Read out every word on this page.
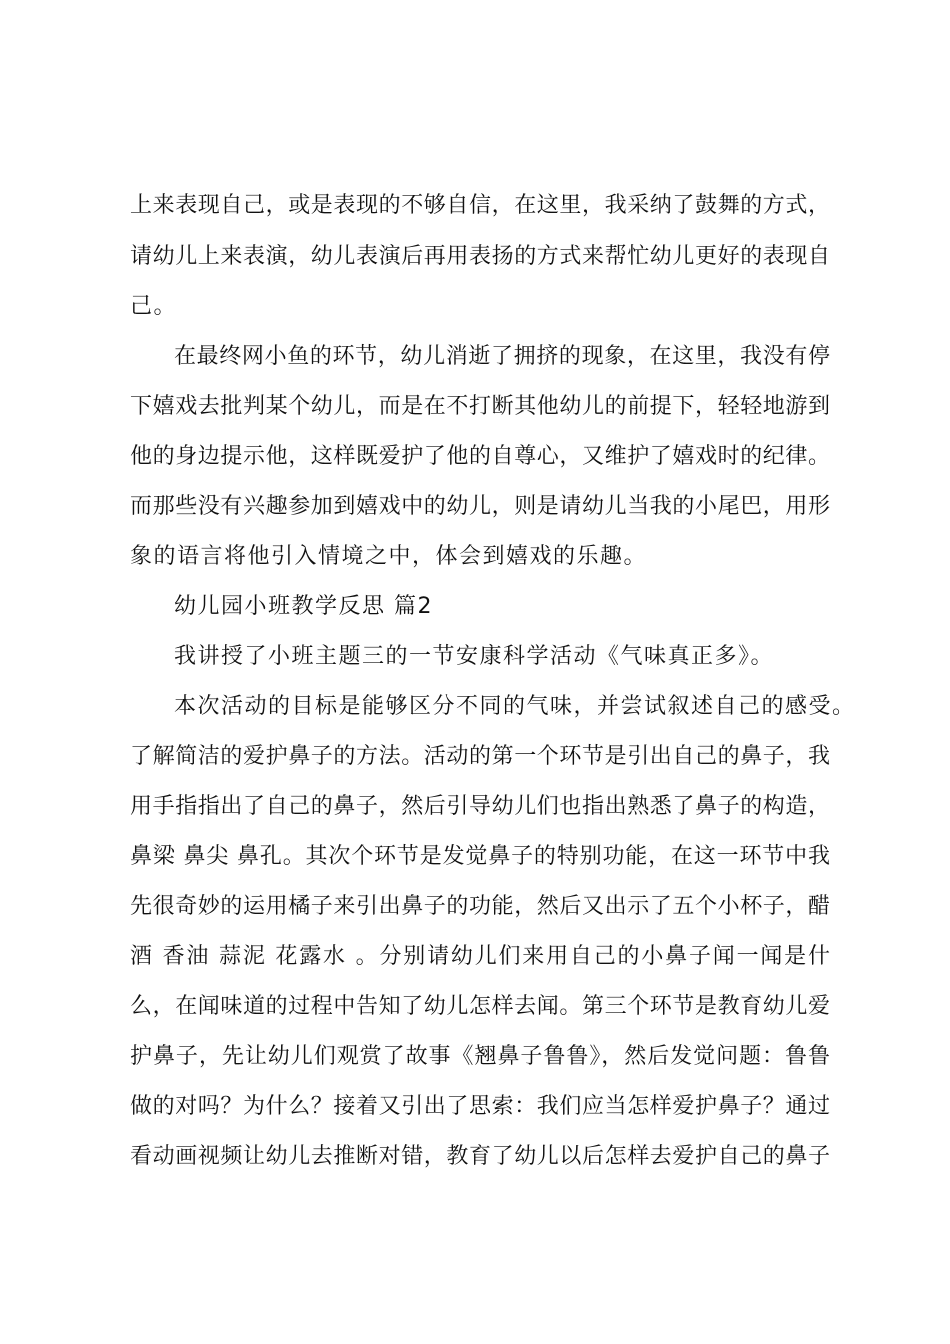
上来表现自己，或是表现的不够自信，在这里，我采纳了鼓舞的方式，
请幼儿上来表演，幼儿表演后再用表扬的方式来帮忙幼儿更好的表现自
己。
在最终网小鱼的环节，幼儿消逝了拥挤的现象，在这里，我没有停
下嬉戏去批判某个幼儿，而是在不打断其他幼儿的前提下，轻轻地游到
他的身边提示他，这样既爱护了他的自尊心，又维护了嬉戏时的纪律。
而那些没有兴趣参加到嬉戏中的幼儿，则是请幼儿当我的小尾巴，用形
象的语言将他引入情境之中，体会到嬉戏的乐趣。
幼儿园小班教学反思 篇2
我讲授了小班主题三的一节安康科学活动《气味真正多》。
本次活动的目标是能够区分不同的气味，并尝试叙述自己的感受。
了解简洁的爱护鼻子的方法。活动的第一个环节是引出自己的鼻子，我
用手指指出了自己的鼻子，然后引导幼儿们也指出熟悉了鼻子的构造，
鼻梁 鼻尖 鼻孔。其次个环节是发觉鼻子的特别功能，在这一环节中我
先很奇妙的运用橘子来引出鼻子的功能，然后又出示了五个小杯子，醋
酒 香油 蒜泥 花露水 。分别请幼儿们来用自己的小鼻子闻一闻是什
么，在闻味道的过程中告知了幼儿怎样去闻。第三个环节是教育幼儿爱
护鼻子，先让幼儿们观赏了故事《翘鼻子鲁鲁》，然后发觉问题：鲁鲁
做的对吗？为什么？接着又引出了思索：我们应当怎样爱护鼻子？通过
看动画视频让幼儿去推断对错，教育了幼儿以后怎样去爱护自己的鼻子
